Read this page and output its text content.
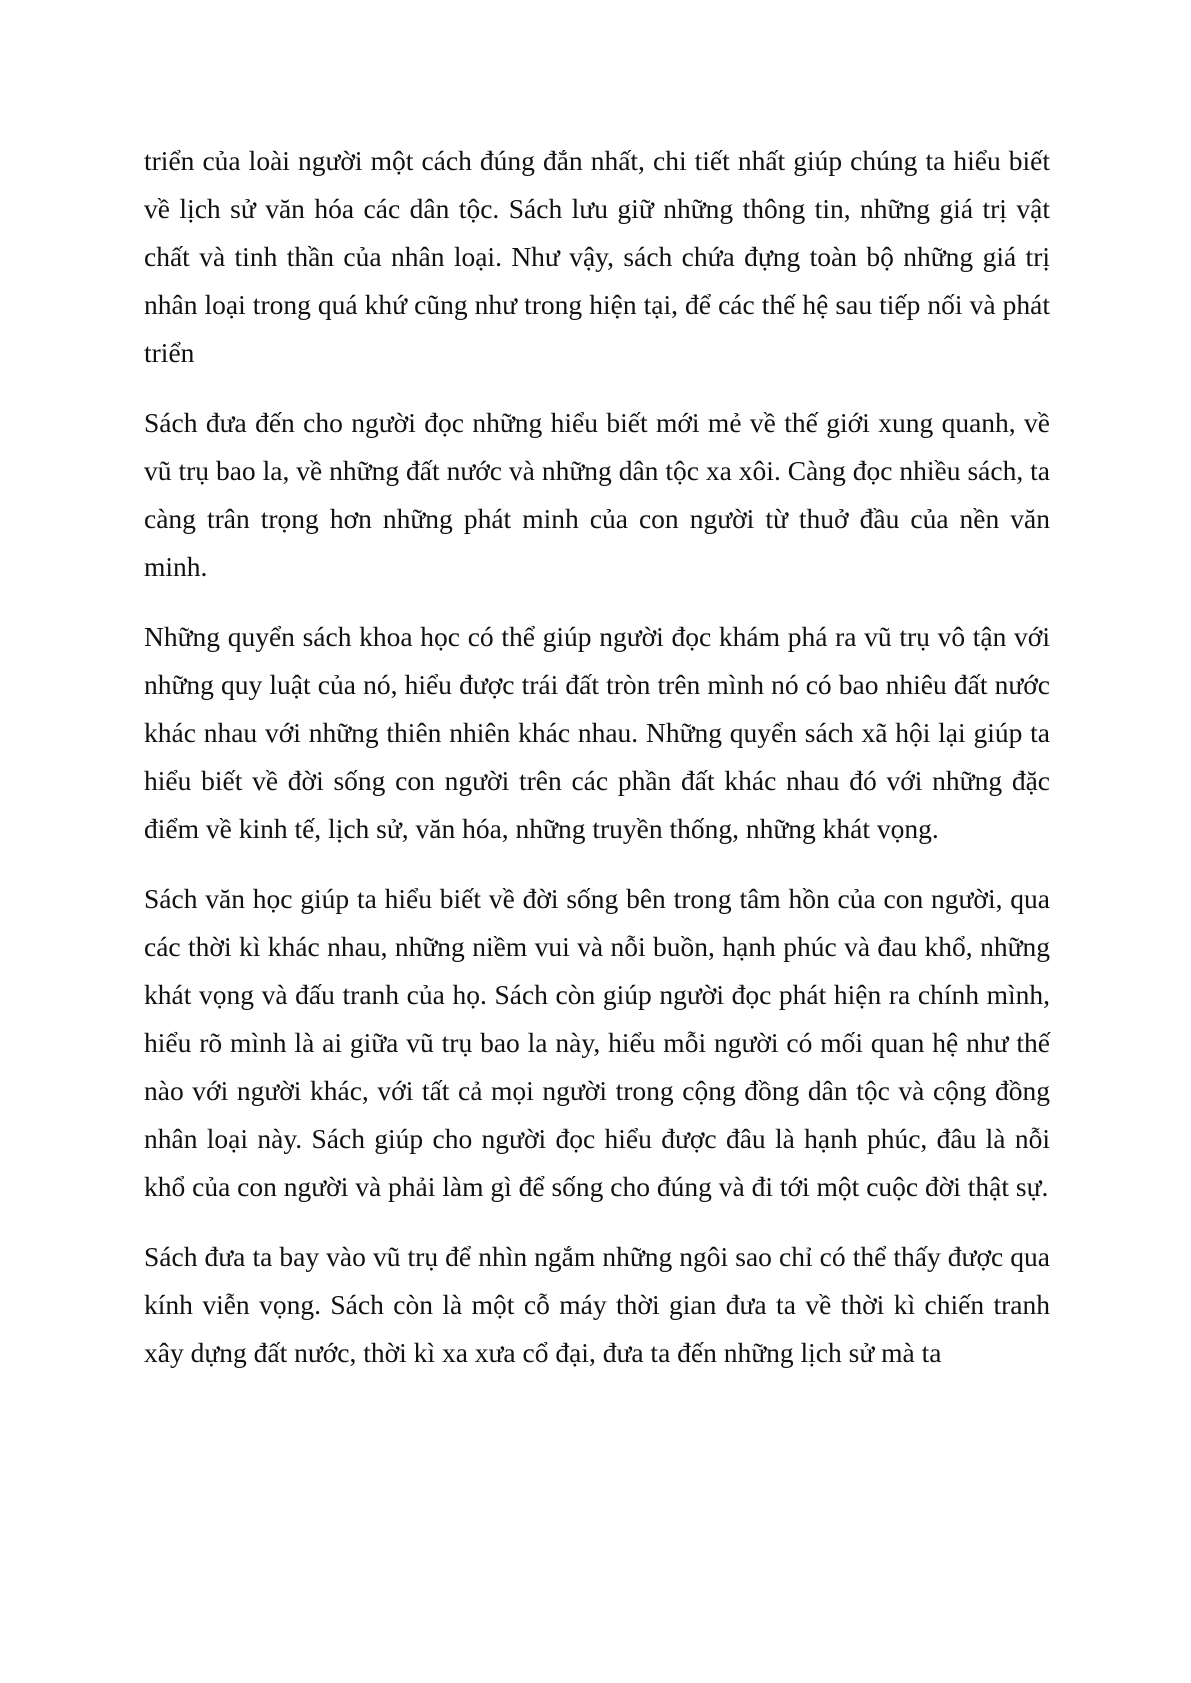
triển của loài người một cách đúng đắn nhất, chi tiết nhất giúp chúng ta hiểu biết về lịch sử văn hóa các dân tộc. Sách lưu giữ những thông tin, những giá trị vật chất và tinh thần của nhân loại. Như vậy, sách chứa đựng toàn bộ những giá trị nhân loại trong quá khứ cũng như trong hiện tại, để các thế hệ sau tiếp nối và phát triển

Sách đưa đến cho người đọc những hiểu biết mới mẻ về thế giới xung quanh, về vũ trụ bao la, về những đất nước và những dân tộc xa xôi. Càng đọc nhiều sách, ta càng trân trọng hơn những phát minh của con người từ thuở đầu của nền văn minh.

Những quyển sách khoa học có thể giúp người đọc khám phá ra vũ trụ vô tận với những quy luật của nó, hiểu được trái đất tròn trên mình nó có bao nhiêu đất nước khác nhau với những thiên nhiên khác nhau. Những quyển sách xã hội lại giúp ta hiểu biết về đời sống con người trên các phần đất khác nhau đó với những đặc điểm về kinh tế, lịch sử, văn hóa, những truyền thống, những khát vọng.

Sách văn học giúp ta hiểu biết về đời sống bên trong tâm hồn của con người, qua các thời kì khác nhau, những niềm vui và nỗi buồn, hạnh phúc và đau khổ, những khát vọng và đấu tranh của họ. Sách còn giúp người đọc phát hiện ra chính mình, hiểu rõ mình là ai giữa vũ trụ bao la này, hiểu mỗi người có mối quan hệ như thế nào với người khác, với tất cả mọi người trong cộng đồng dân tộc và cộng đồng nhân loại này. Sách giúp cho người đọc hiểu được đâu là hạnh phúc, đâu là nỗi khổ của con người và phải làm gì để sống cho đúng và đi tới một cuộc đời thật sự.

Sách đưa ta bay vào vũ trụ để nhìn ngắm những ngôi sao chỉ có thể thấy được qua kính viễn vọng. Sách còn là một cỗ máy thời gian đưa ta về thời kì chiến tranh xây dựng đất nước, thời kì xa xưa cổ đại, đưa ta đến những lịch sử mà ta
